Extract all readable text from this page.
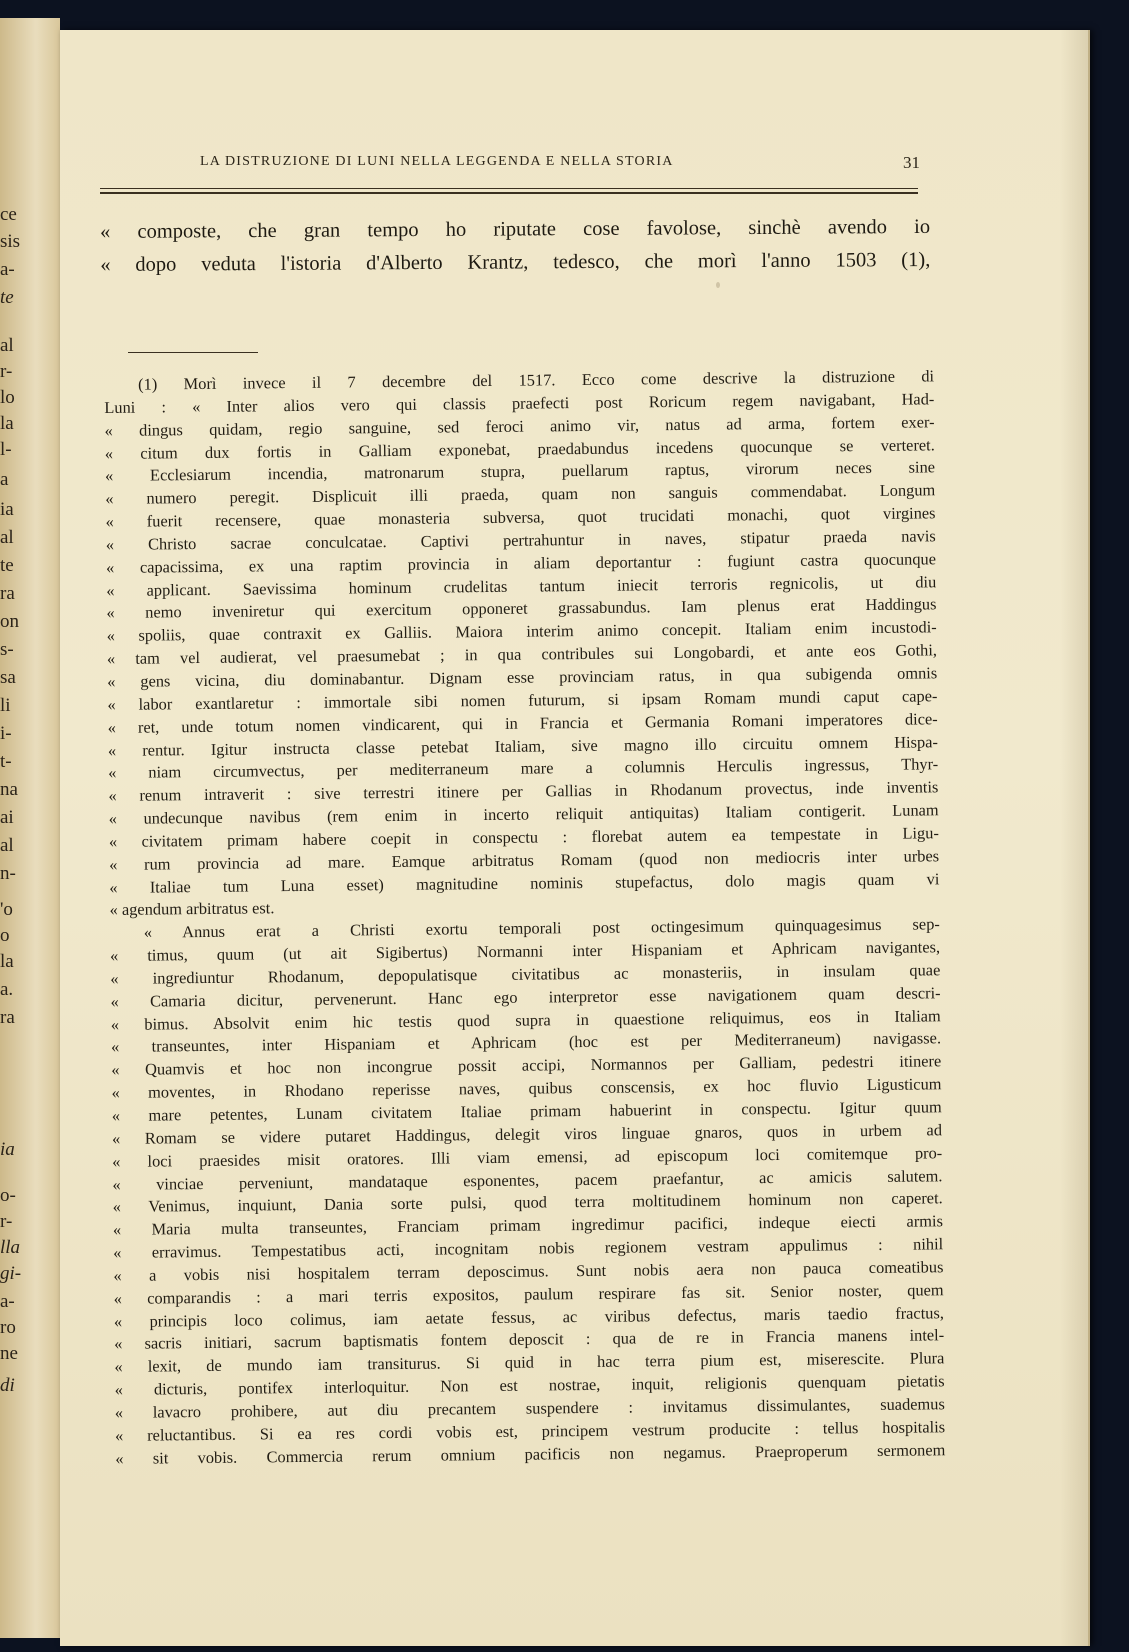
ce
sis
a-
te
al
r-
lo
la
l-
a
ia
al
te
ra
on
s-
sa
li
i-
t-
na
ai
al
n-
'o
o
la
a.
ra
ia
o-
r-
lla
gi-
a-
ro
ne
di
LA DISTRUZIONE DI LUNI NELLA LEGGENDA E NELLA STORIA	31
« composte, che gran tempo ho riputate cose favolose, sinchè avendo io
« dopo veduta l'istoria d'Alberto Krantz, tedesco, che morì l'anno 1503 (1),
(1) Morì invece il 7 decembre del 1517. Ecco come descrive la distruzione di
Luni : « Inter alios vero qui classis praefecti post Roricum regem navigabant, Had-
« dingus quidam, regio sanguine, sed feroci animo vir, natus ad arma, fortem exer-
« citum dux fortis in Galliam exponebat, praedabundus incedens quocunque se verteret.
« Ecclesiarum incendia, matronarum stupra, puellarum raptus, virorum neces sine
« numero peregit. Displicuit illi praeda, quam non sanguis commendabat. Longum
« fuerit recensere, quae monasteria subversa, quot trucidati monachi, quot virgines
« Christo sacrae conculcatae. Captivi pertrahuntur in naves, stipatur praeda navis
« capacissima, ex una raptim provincia in aliam deportantur : fugiunt castra quocunque
« applicant. Saevissima hominum crudelitas tantum iniecit terroris regnicolis, ut diu
« nemo inveniretur qui exercitum opponeret grassabundus. Iam plenus erat Haddingus
« spoliis, quae contraxit ex Galliis. Maiora interim animo concepit. Italiam enim incustodi-
« tam vel audierat, vel praesumebat ; in qua contribules sui Longobardi, et ante eos Gothi,
« gens vicina, diu dominabantur. Dignam esse provinciam ratus, in qua subigenda omnis
« labor exantlaretur : immortale sibi nomen futurum, si ipsam Romam mundi caput cape-
« ret, unde totum nomen vindicarent, qui in Francia et Germania Romani imperatores dice-
« rentur. Igitur instructa classe petebat Italiam, sive magno illo circuitu omnem Hispa-
« niam circumvectus, per mediterraneum mare a columnis Herculis ingressus, Thyr-
« renum intraverit : sive terrestri itinere per Gallias in Rhodanum provectus, inde inventis
« undecunque navibus (rem enim in incerto reliquit antiquitas) Italiam contigerit. Lunam
« civitatem primam habere coepit in conspectu : florebat autem ea tempestate in Ligu-
« rum provincia ad mare. Eamque arbitratus Romam (quod non mediocris inter urbes
« Italiae tum Luna esset) magnitudine nominis stupefactus, dolo magis quam vi
« agendum arbitratus est.
« Annus erat a Christi exortu temporali post octingesimum quinquagesimus sep-
« timus, quum (ut ait Sigibertus) Normanni inter Hispaniam et Aphricam navigantes,
« ingrediuntur Rhodanum, depopulatisque civitatibus ac monasteriis, in insulam quae
« Camaria dicitur, pervenerunt. Hanc ego interpretor esse navigationem quam descri-
« bimus. Absolvit enim hic testis quod supra in quaestione reliquimus, eos in Italiam
« transeuntes, inter Hispaniam et Aphricam (hoc est per Mediterraneum) navigasse.
« Quamvis et hoc non incongrue possit accipi, Normannos per Galliam, pedestri itinere
« moventes, in Rhodano reperisse naves, quibus conscensis, ex hoc fluvio Ligusticum
« mare petentes, Lunam civitatem Italiae primam habuerint in conspectu. Igitur quum
« Romam se videre putaret Haddingus, delegit viros linguae gnaros, quos in urbem ad
« loci praesides misit oratores. Illi viam emensi, ad episcopum loci comitemque pro-
« vinciae perveniunt, mandataque esponentes, pacem praefantur, ac amicis salutem.
« Venimus, inquiunt, Dania sorte pulsi, quod terra moltitudinem hominum non caperet.
« Maria multa transeuntes, Franciam primam ingredimur pacifici, indeque eiecti armis
« erravimus. Tempestatibus acti, incognitam nobis regionem vestram appulimus : nihil
« a vobis nisi hospitalem terram deposcimus. Sunt nobis aera non pauca comeatibus
« comparandis : a mari terris expositos, paulum respirare fas sit. Senior noster, quem
« principis loco colimus, iam aetate fessus, ac viribus defectus, maris taedio fractus,
« sacris initiari, sacrum baptismatis fontem deposcit : qua de re in Francia manens intel-
« lexit, de mundo iam transiturus. Si quid in hac terra pium est, miserescite. Plura
« dicturis, pontifex interloquitur. Non est nostrae, inquit, religionis quenquam pietatis
« lavacro prohibere, aut diu precantem suspendere : invitamus dissimulantes, suademus
« reluctantibus. Si ea res cordi vobis est, principem vestrum producite : tellus hospitalis
« sit vobis. Commercia rerum omnium pacificis non negamus. Praeproperum sermonem
